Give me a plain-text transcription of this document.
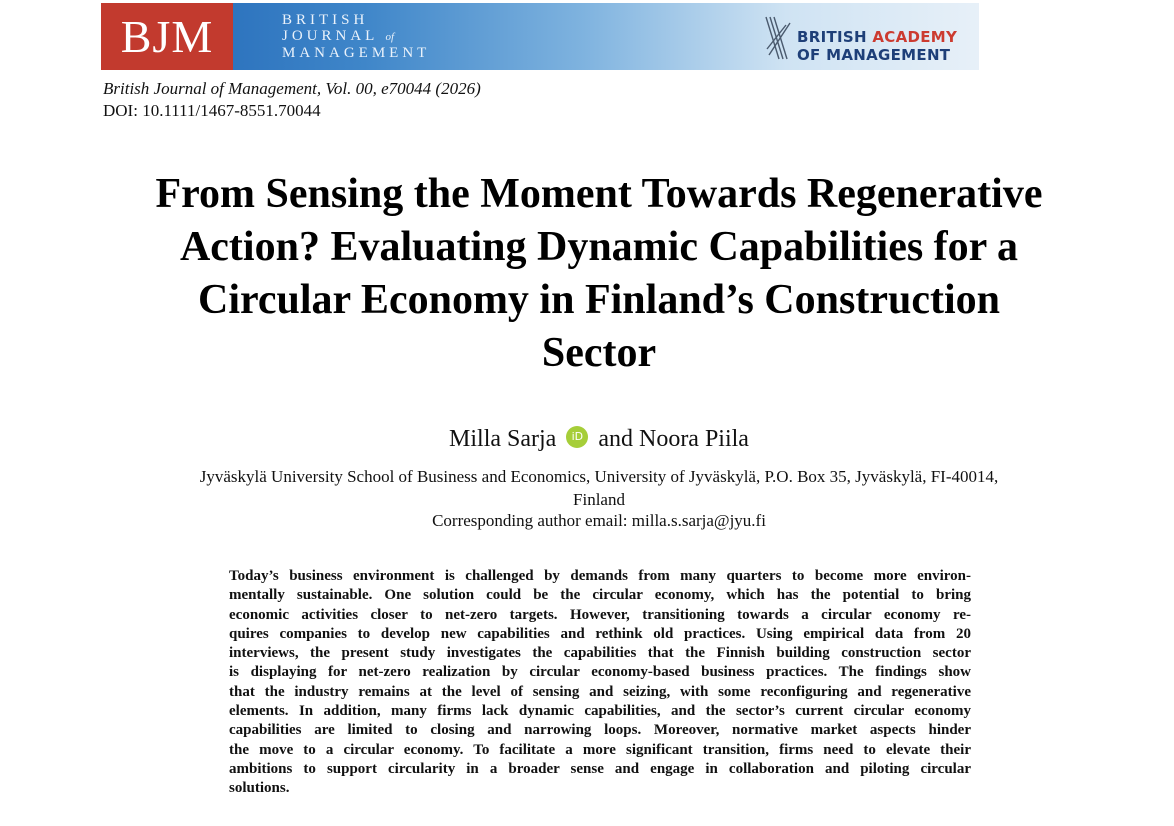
BJM	BRITISH
JOURNAL of
MANAGEMENT
BRITISH ACADEMY
OF MANAGEMENT
British Journal of Management, Vol. 00, e70044 (2026)
DOI: 10.1111/1467-8551.70044
From Sensing the Moment Towards Regenerative
Action? Evaluating Dynamic Capabilities for a
Circular Economy in Finland’s Construction
Sector
Milla Sarja iD and Noora Piila
Jyväskylä University School of Business and Economics, University of Jyväskylä, P.O. Box 35, Jyväskylä, FI-40014,
Finland
Corresponding author email: milla.s.sarja@jyu.fi
Today’s business environment is challenged by demands from many quarters to become more environ-
mentally sustainable. One solution could be the circular economy, which has the potential to bring
economic activities closer to net-zero targets. However, transitioning towards a circular economy re-
quires companies to develop new capabilities and rethink old practices. Using empirical data from 20
interviews, the present study investigates the capabilities that the Finnish building construction sector
is displaying for net-zero realization by circular economy-based business practices. The findings show
that the industry remains at the level of sensing and seizing, with some reconfiguring and regenerative
elements. In addition, many firms lack dynamic capabilities, and the sector’s current circular economy
capabilities are limited to closing and narrowing loops. Moreover, normative market aspects hinder
the move to a circular economy. To facilitate a more significant transition, firms need to elevate their
ambitions to support circularity in a broader sense and engage in collaboration and piloting circular
solutions.
